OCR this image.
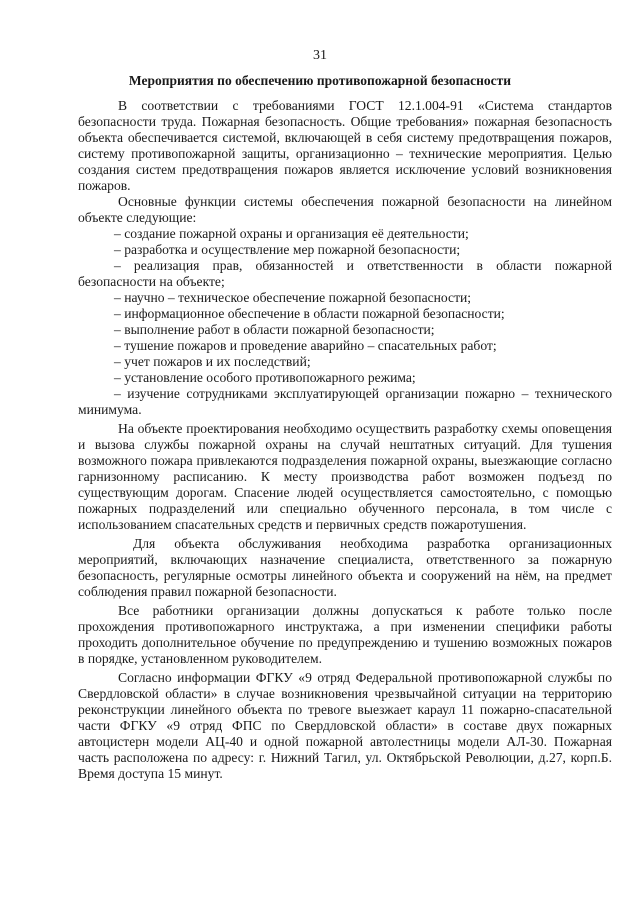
31

Мероприятия по обеспечению противопожарной безопасности

В соответствии с требованиями ГОСТ 12.1.004-91 «Система стандартов безопасности труда. Пожарная безопасность. Общие требования» пожарная безопасность объекта обеспечивается системой, включающей в себя систему предотвращения пожаров, систему противопожарной защиты, организационно – технические мероприятия. Целью создания систем предотвращения пожаров является исключение условий возникновения пожаров.

Основные функции системы обеспечения пожарной безопасности на линейном объекте следующие:

– создание пожарной охраны и организация её деятельности;

– разработка и осуществление мер пожарной безопасности;

– реализация прав, обязанностей и ответственности в области пожарной безопасности на объекте;

– научно – техническое обеспечение пожарной безопасности;

– информационное обеспечение в области пожарной безопасности;

– выполнение работ в области пожарной безопасности;

– тушение пожаров и проведение аварийно – спасательных работ;

– учет пожаров и их последствий;

– установление особого противопожарного режима;

– изучение сотрудниками эксплуатирующей организации пожарно – технического минимума.

На объекте проектирования необходимо осуществить разработку схемы оповещения и вызова службы пожарной охраны на случай нештатных ситуаций. Для тушения возможного пожара привлекаются подразделения пожарной охраны, выезжающие согласно гарнизонному расписанию. К месту производства работ возможен подъезд по существующим дорогам. Спасение людей осуществляется самостоятельно, с помощью пожарных подразделений или специально обученного персонала, в том числе с использованием спасательных средств и первичных средств пожаротушения.

Для объекта обслуживания необходима разработка организационных мероприятий, включающих назначение специалиста, ответственного за пожарную безопасность, регулярные осмотры линейного объекта и сооружений на нём, на предмет соблюдения правил пожарной безопасности.

Все работники организации должны допускаться к работе только после прохождения противопожарного инструктажа, а при изменении специфики работы проходить дополнительное обучение по предупреждению и тушению возможных пожаров в порядке, установленном руководителем.

Согласно информации ФГКУ «9 отряд Федеральной противопожарной службы по Свердловской области» в случае возникновения чрезвычайной ситуации на территорию реконструкции линейного объекта по тревоге выезжает караул 11 пожарно-спасательной части ФГКУ «9 отряд ФПС по Свердловской области» в составе двух пожарных автоцистерн модели АЦ-40 и одной пожарной автолестницы модели АЛ-30. Пожарная часть расположена по адресу: г. Нижний Тагил, ул. Октябрьской Революции, д.27, корп.Б. Время доступа 15 минут.
